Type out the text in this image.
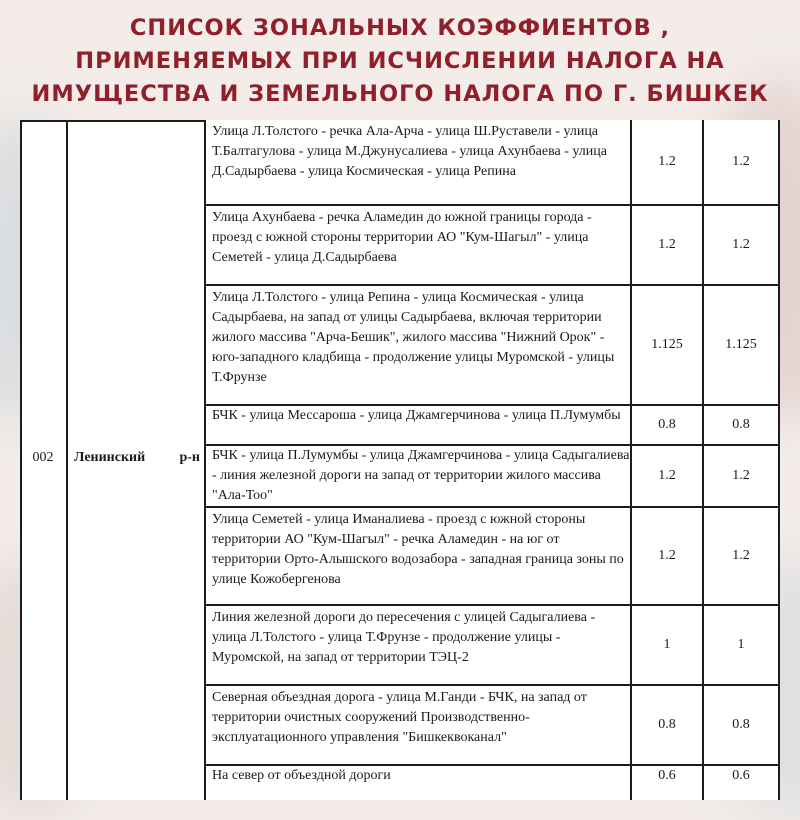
СПИСОК ЗОНАЛЬНЫХ КОЭФФИЕНТОВ ,
ПРИМЕНЯЕМЫХ ПРИ ИСЧИСЛЕНИИ НАЛОГА НА
ИМУЩЕСТВА И ЗЕМЕЛЬНОГО НАЛОГА ПО Г. БИШКЕК
002	Ленинский р-н
Улица Л.Толстого - речка Ала-Арча - улица Ш.Руставели - улица Т.Балтагулова - улица М.Джунусалиева - улица Ахунбаева - улица Д.Садырбаева - улица Космическая - улица Репина
1.2	1.2
Улица Ахунбаева - речка Аламедин до южной границы города - проезд с южной стороны территории АО "Кум-Шагыл" - улица Семетей - улица Д.Садырбаева
1.2	1.2
Улица Л.Толстого - улица Репина - улица Космическая - улица Садырбаева, на запад от улицы Садырбаева, включая территории жилого массива "Арча-Бешик", жилого массива "Нижний Орок" - юго-западного кладбища - продолжение улицы Муромской - улицы Т.Фрунзе
1.125	1.125
БЧК - улица Мессароша - улица Джамгерчинова - улица П.Лумумбы
0.8	0.8
БЧК - улица П.Лумумбы - улица Джамгерчинова - улица Садыгалиева - линия железной дороги на запад от территории жилого массива "Ала-Тоо"
1.2	1.2
Улица Семетей - улица Иманалиева - проезд с южной стороны территории АО "Кум-Шагыл" - речка Аламедин - на юг от территории Орто-Алышского водозабора - западная граница зоны по улице Кожобергенова
1.2	1.2
Линия железной дороги до пересечения с улицей Садыгалиева - улица Л.Толстого - улица Т.Фрунзе - продолжение улицы - Муромской, на запад от территории ТЭЦ-2
1	1
Северная объездная дорога - улица М.Ганди - БЧК, на запад от территории очистных сооружений Производственно-эксплуатационного управления "Бишкеквоканал"
0.8	0.8
На север от объездной дороги	0.6	0.6
